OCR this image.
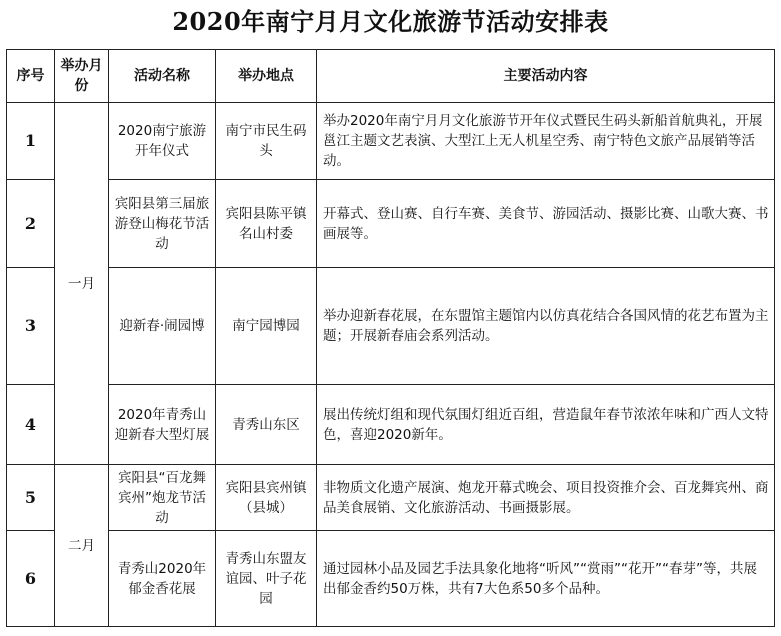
2020年南宁月月文化旅游节活动安排表
序号	举办月份	活动名称	举办地点	主要活动内容
1	一月	2020南宁旅游开年仪式	南宁市民生码头	举办2020年南宁月月文化旅游节开年仪式暨民生码头新船首航典礼，开展邕江主题文艺表演、大型江上无人机星空秀、南宁特色文旅产品展销等活动。
2		宾阳县第三届旅游登山梅花节活动	宾阳县陈平镇名山村委	开幕式、登山赛、自行车赛、美食节、游园活动、摄影比赛、山歌大赛、书画展等。
3		迎新春·闹园博	南宁园博园	举办迎新春花展，在东盟馆主题馆内以仿真花结合各国风情的花艺布置为主题；开展新春庙会系列活动。
4		2020年青秀山迎新春大型灯展	青秀山东区	展出传统灯组和现代氛围灯组近百组，营造鼠年春节浓浓年味和广西人文特色，喜迎2020新年。
5	二月	宾阳县“百龙舞宾州”炮龙节活动	宾阳县宾州镇（县城）	非物质文化遗产展演、炮龙开幕式晚会、项目投资推介会、百龙舞宾州、商品美食展销、文化旅游活动、书画摄影展。
6		青秀山2020年郁金香花展	青秀山东盟友谊园、叶子花园	通过园林小品及园艺手法具象化地将“听风”“赏雨”“花开”“春芽”等，共展出郁金香约50万株，共有7大色系50多个品种。
